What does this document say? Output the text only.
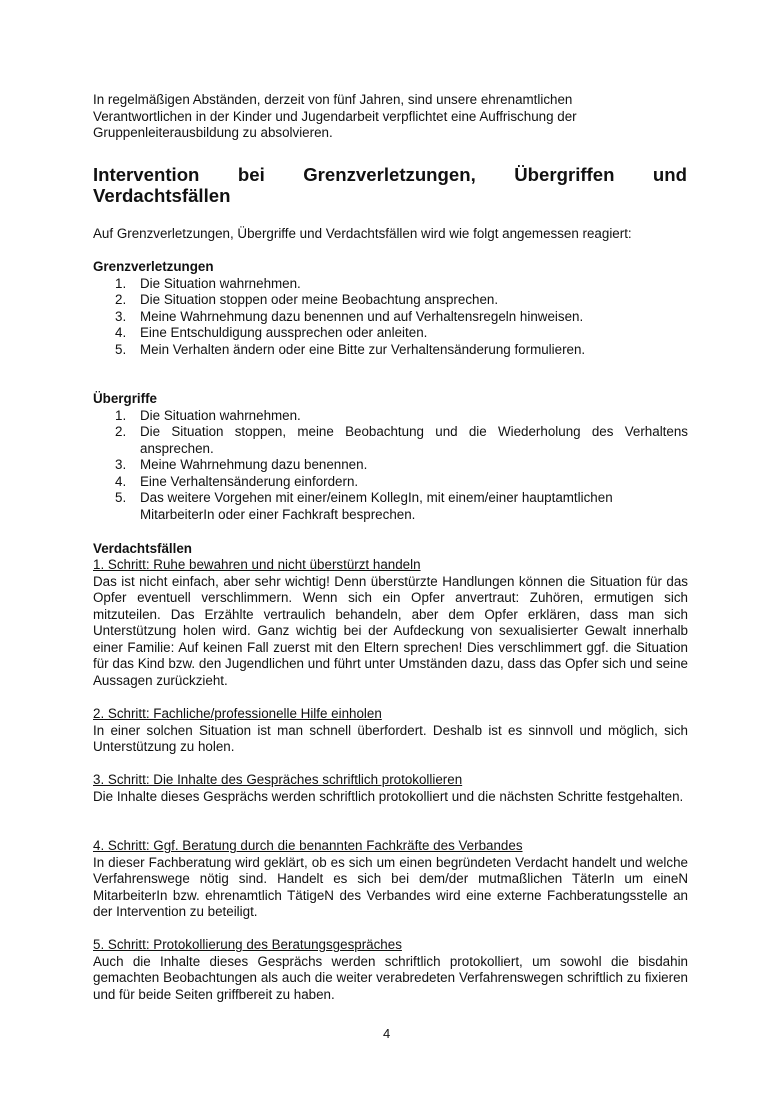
In regelmäßigen Abständen, derzeit von fünf Jahren, sind unsere ehrenamtlichen

Verantwortlichen in der Kinder und Jugendarbeit verpflichtet eine Auffrischung der

Gruppenleiterausbildung zu absolvieren.

Intervention bei Grenzverletzungen, Übergriffen und
Verdachtsfällen

Auf Grenzverletzungen, Übergriffe und Verdachtsfällen wird wie folgt angemessen reagiert:

Grenzverletzungen
1. Die Situation wahrnehmen.
2. Die Situation stoppen oder meine Beobachtung ansprechen.
3. Meine Wahrnehmung dazu benennen und auf Verhaltensregeln hinweisen.
4. Eine Entschuldigung aussprechen oder anleiten.
5. Mein Verhalten ändern oder eine Bitte zur Verhaltensänderung formulieren.
Übergriffe
1. Die Situation wahrnehmen.
2. Die Situation stoppen, meine Beobachtung und die Wiederholung des Verhaltens ansprechen.
3. Meine Wahrnehmung dazu benennen.
4. Eine Verhaltensänderung einfordern.
5. Das weitere Vorgehen mit einer/einem KollegIn, mit einem/einer hauptamtlichen MitarbeiterIn oder einer Fachkraft besprechen.
Verdachtsfällen
1. Schritt: Ruhe bewahren und nicht überstürzt handeln

Das ist nicht einfach, aber sehr wichtig! Denn überstürzte Handlungen können die Situation für das Opfer eventuell verschlimmern. Wenn sich ein Opfer anvertraut: Zuhören, ermutigen sich mitzuteilen. Das Erzählte vertraulich behandeln, aber dem Opfer erklären, dass man sich Unterstützung holen wird. Ganz wichtig bei der Aufdeckung von sexualisierter Gewalt innerhalb einer Familie: Auf keinen Fall zuerst mit den Eltern sprechen! Dies verschlimmert ggf. die Situation für das Kind bzw. den Jugendlichen und führt unter Umständen dazu, dass das Opfer sich und seine Aussagen zurückzieht.

2. Schritt: Fachliche/professionelle Hilfe einholen

In einer solchen Situation ist man schnell überfordert. Deshalb ist es sinnvoll und möglich, sich Unterstützung zu holen.

3. Schritt: Die Inhalte des Gespräches schriftlich protokollieren

Die Inhalte dieses Gesprächs werden schriftlich protokolliert und die nächsten Schritte festgehalten.

4. Schritt: Ggf. Beratung durch die benannten Fachkräfte des Verbandes

In dieser Fachberatung wird geklärt, ob es sich um einen begründeten Verdacht handelt und welche Verfahrenswege nötig sind. Handelt es sich bei dem/der mutmaßlichen TäterIn um eineN MitarbeiterIn bzw. ehrenamtlich TätigeN des Verbandes wird eine externe Fachberatungsstelle an der Intervention zu beteiligt.

5. Schritt: Protokollierung des Beratungsgespräches

Auch die Inhalte dieses Gesprächs werden schriftlich protokolliert, um sowohl die bisdahin gemachten Beobachtungen als auch die weiter verabredeten Verfahrenswegen schriftlich zu fixieren und für beide Seiten griffbereit zu haben.

4
